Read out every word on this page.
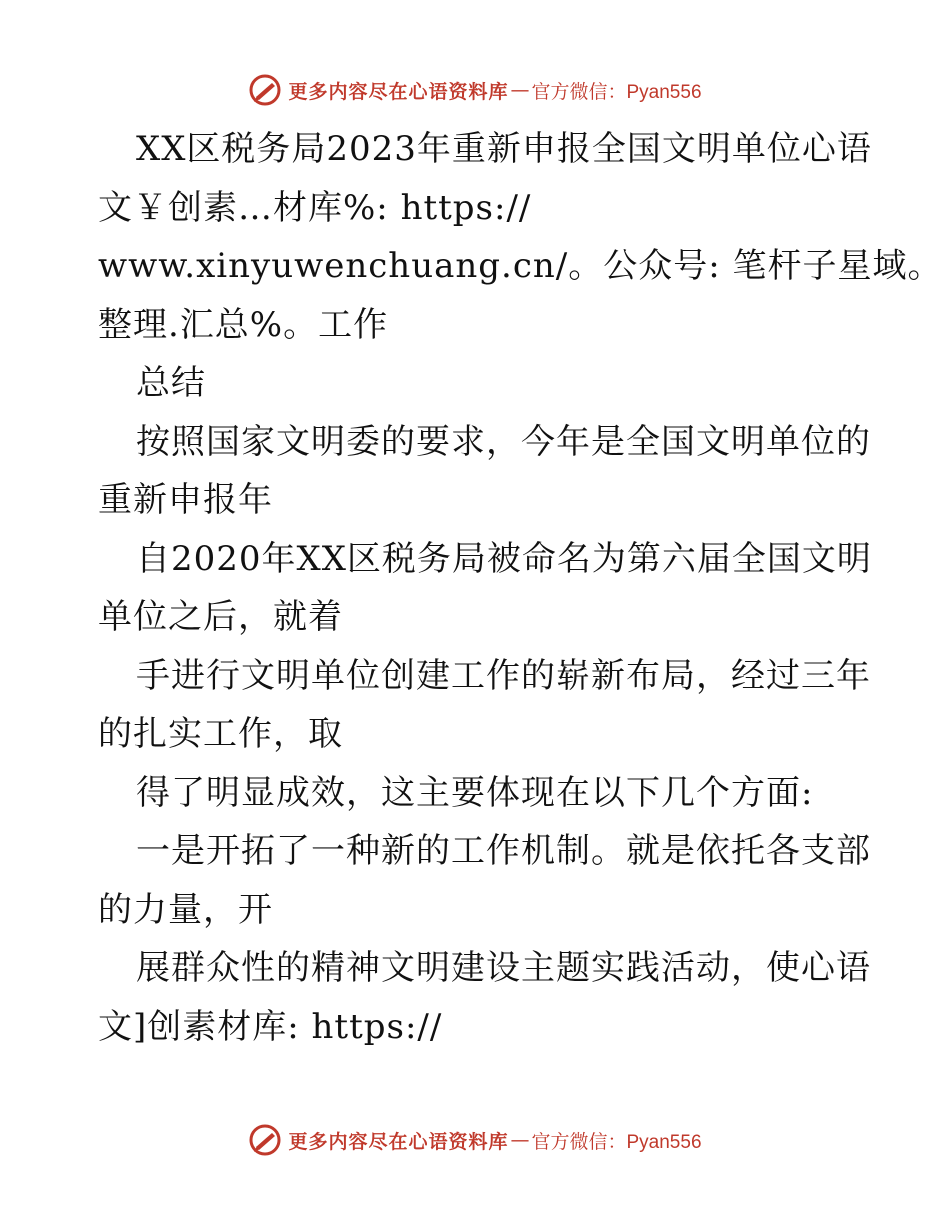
更多内容尽在心语资料库 — 官方微信：Pyan556
XX区税务局2023年重新申报全国文明单位心语
文￥创素…材库%: https://
www.xinyuwenchuang.cn/。公众号: 笔杆子星域。
整理.汇总%。工作
总结
按照国家文明委的要求，今年是全国文明单位的
重新申报年
自2020年XX区税务局被命名为第六届全国文明
单位之后，就着
手进行文明单位创建工作的崭新布局，经过三年
的扎实工作，取
得了明显成效，这主要体现在以下几个方面:
一是开拓了一种新的工作机制。就是依托各支部
的力量，开
展群众性的精神文明建设主题实践活动，使心语
文]创素材库: https://
更多内容尽在心语资料库 — 官方微信：Pyan556
